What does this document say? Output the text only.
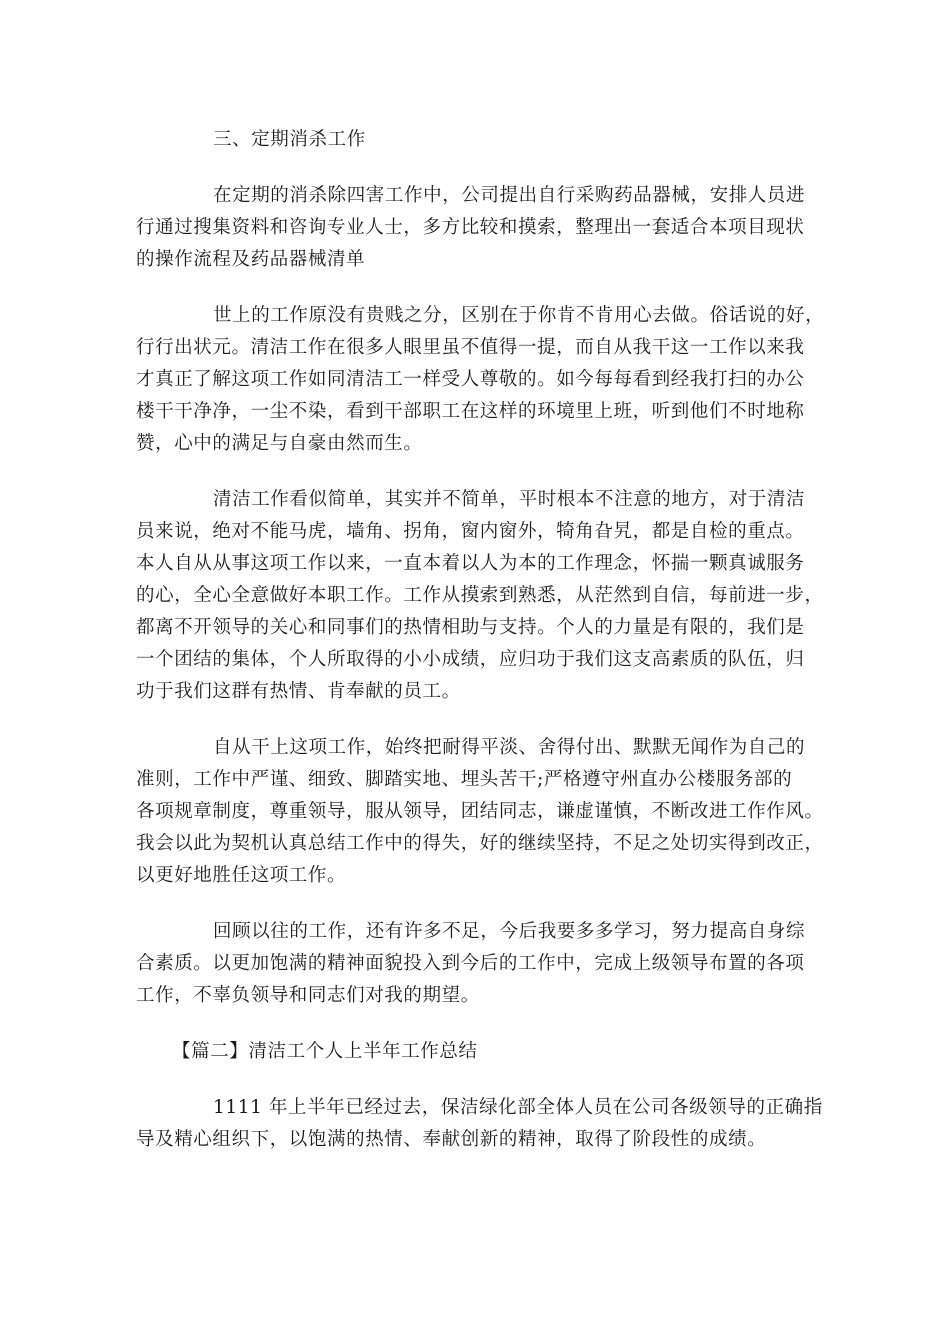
三、定期消杀工作
在定期的消杀除四害工作中，公司提出自行采购药品器械，安排人员进
行通过搜集资料和咨询专业人士，多方比较和摸索，整理出一套适合本项目现状
的操作流程及药品器械清单
世上的工作原没有贵贱之分，区别在于你肯不肯用心去做。俗话说的好，
行行出状元。清洁工作在很多人眼里虽不值得一提，而自从我干这一工作以来我
才真正了解这项工作如同清洁工一样受人尊敬的。如今每每看到经我打扫的办公
楼干干净净，一尘不染，看到干部职工在这样的环境里上班，听到他们不时地称
赞，心中的满足与自豪由然而生。
清洁工作看似简单，其实并不简单，平时根本不注意的地方，对于清洁
员来说，绝对不能马虎，墙角、拐角，窗内窗外，犄角旮旯，都是自检的重点。
本人自从从事这项工作以来，一直本着以人为本的工作理念，怀揣一颗真诚服务
的心，全心全意做好本职工作。工作从摸索到熟悉，从茫然到自信，每前进一步，
都离不开领导的关心和同事们的热情相助与支持。个人的力量是有限的，我们是
一个团结的集体，个人所取得的小小成绩，应归功于我们这支高素质的队伍，归
功于我们这群有热情、肯奉献的员工。
自从干上这项工作，始终把耐得平淡、舍得付出、默默无闻作为自己的
准则，工作中严谨、细致、脚踏实地、埋头苦干;严格遵守州直办公楼服务部的
各项规章制度，尊重领导，服从领导，团结同志，谦虚谨慎，不断改进工作作风。
我会以此为契机认真总结工作中的得失，好的继续坚持，不足之处切实得到改正，
以更好地胜任这项工作。
回顾以往的工作，还有许多不足，今后我要多多学习，努力提高自身综
合素质。以更加饱满的精神面貌投入到今后的工作中，完成上级领导布置的各项
工作，不辜负领导和同志们对我的期望。
【篇二】清洁工个人上半年工作总结
1111 年上半年已经过去，保洁绿化部全体人员在公司各级领导的正确指
导及精心组织下，以饱满的热情、奉献创新的精神，取得了阶段性的成绩。
